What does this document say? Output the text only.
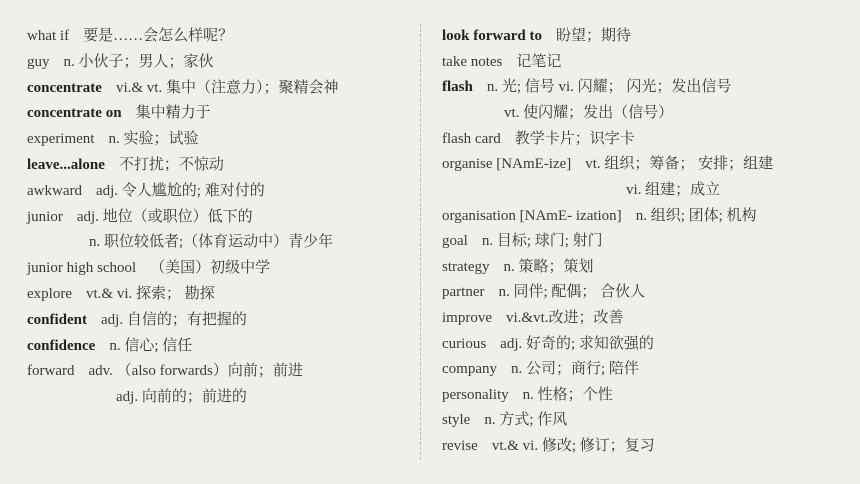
what if 要是……会怎么样呢？
guy n. 小伙子；男人；家伙
concentrate vi.& vt. 集中（注意力）；聚精会神
concentrate on 集中精力于
experiment n. 实验；试验
leave...alone 不打扰；不惊动
awkward adj. 令人尴尬的; 难对付的
junior adj. 地位（或职位）低下的
n. 职位较低者;（体育运动中）青少年
junior high school （美国）初级中学
explore vt.& vi. 探索； 勘探
confident adj. 自信的；有把握的
confidence n. 信心; 信任
forward adv. （also forwards）向前；前进
adj. 向前的；前进的
look forward to 盼望；期待
take notes 记笔记
flash n. 光; 信号 vi. 闪耀； 闪光；发出信号
vt. 使闪耀；发出（信号）
flash card 教学卡片；识字卡
organise [NAmE-ize] vt. 组织；筹备； 安排；组建
vi. 组建；成立
organisation [NAmE- ization] n. 组织; 团体; 机构
goal n. 目标; 球门; 射门
strategy n. 策略；策划
partner n. 同伴; 配偶； 合伙人
improve vi.&vt.改进；改善
curious adj. 好奇的; 求知欲强的
company n. 公司；商行; 陪伴
personality n. 性格；个性
style n. 方式; 作风
revise vt.& vi. 修改; 修订；复习
